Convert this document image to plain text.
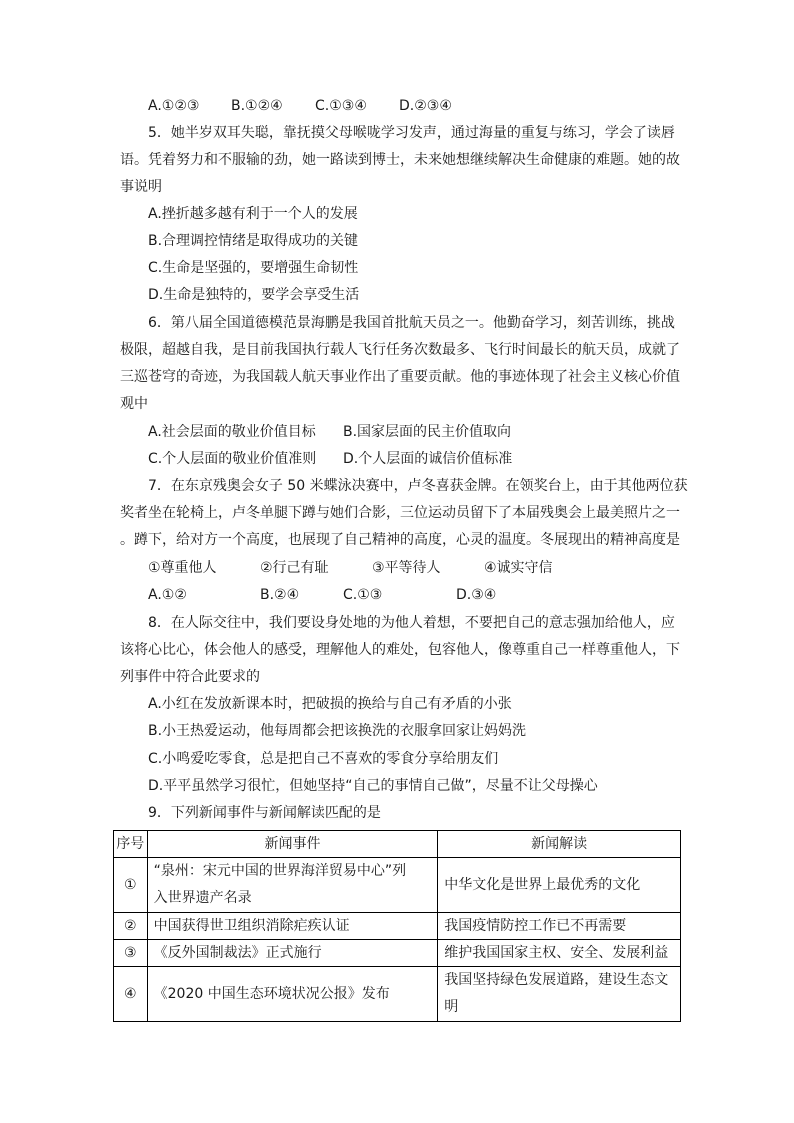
A.①②③ B.①②④ C.①③④ D.②③④
5．她半岁双耳失聪，靠抚摸父母喉咙学习发声，通过海量的重复与练习，学会了读唇
语。凭着努力和不服输的劲，她一路读到博士，未来她想继续解决生命健康的难题。她的故
事说明
A.挫折越多越有利于一个人的发展
B.合理调控情绪是取得成功的关键
C.生命是坚强的，要增强生命韧性
D.生命是独特的，要学会享受生活
6．第八届全国道德模范景海鹏是我国首批航天员之一。他勤奋学习，刻苦训练，挑战
极限，超越自我，是目前我国执行载人飞行任务次数最多、飞行时间最长的航天员，成就了
三巡苍穹的奇迹，为我国载人航天事业作出了重要贡献。他的事迹体现了社会主义核心价值
观中
A.社会层面的敬业价值目标 B.国家层面的民主价值取向
C.个人层面的敬业价值准则 D.个人层面的诚信价值标准
7．在东京残奥会女子 50 米蝶泳决赛中，卢冬喜获金牌。在领奖台上，由于其他两位获
奖者坐在轮椅上，卢冬单腿下蹲与她们合影，三位运动员留下了本届残奥会上最美照片之一
。蹲下，给对方一个高度，也展现了自己精神的高度，心灵的温度。冬展现出的精神高度是
①尊重他人	②行己有耻	③平等待人	④诚实守信
A.①②	B.②④	C.①③	D.③④
8．在人际交往中，我们要设身处地的为他人着想，不要把自己的意志强加给他人，应
该将心比心，体会他人的感受，理解他人的难处，包容他人，像尊重自己一样尊重他人，下
列事件中符合此要求的
A.小红在发放新课本时，把破损的换给与自己有矛盾的小张
B.小王热爱运动，他每周都会把该换洗的衣服拿回家让妈妈洗
C.小鸣爱吃零食，总是把自己不喜欢的零食分享给朋友们
D.平平虽然学习很忙，但她坚持“自己的事情自己做”，尽量不让父母操心
9．下列新闻事件与新闻解读匹配的是
序号	新闻事件	新闻解读
①	“泉州：宋元中国的世界海洋贸易中心”列
入世界遗产名录	中华文化是世界上最优秀的文化
②	中国获得世卫组织消除疟疾认证	我国疫情防控工作已不再需要
③	《反外国制裁法》正式施行	维护我国国家主权、安全、发展利益
④	《2020 中国生态环境状况公报》发布	我国坚持绿色发展道路，建设生态文
明
